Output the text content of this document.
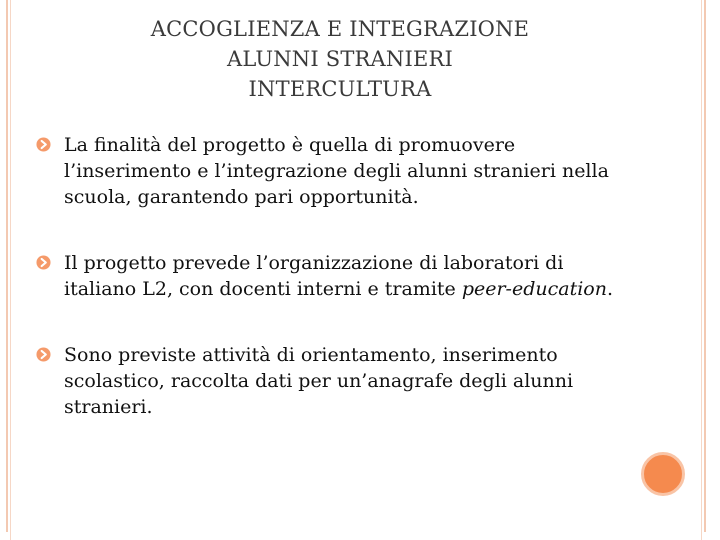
ACCOGLIENZA E INTEGRAZIONE
ALUNNI STRANIERI
INTERCULTURA
La finalità del progetto è quella di promuovere l’inserimento e l’integrazione degli alunni stranieri nella scuola, garantendo pari opportunità.
Il progetto prevede l’organizzazione di laboratori di italiano L2, con docenti interni e tramite peer-education.
Sono previste attività di orientamento, inserimento scolastico, raccolta dati per un’anagrafe degli alunni stranieri.
